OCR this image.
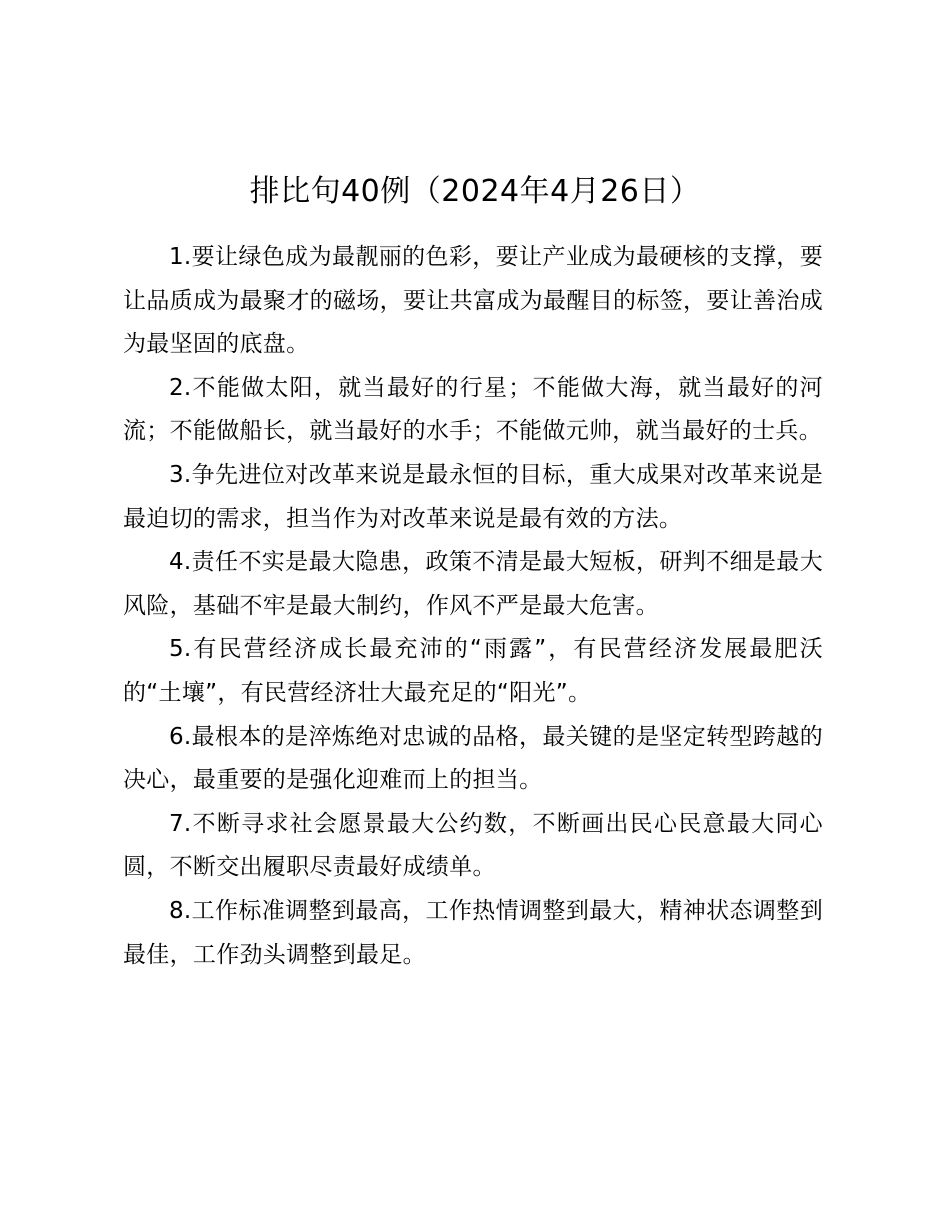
排比句40例（2024年4月26日）

1.要让绿色成为最靓丽的色彩，要让产业成为最硬核的支撑，要让品质成为最聚才的磁场，要让共富成为最醒目的标签，要让善治成为最坚固的底盘。

2.不能做太阳，就当最好的行星；不能做大海，就当最好的河流；不能做船长，就当最好的水手；不能做元帅，就当最好的士兵。

3.争先进位对改革来说是最永恒的目标，重大成果对改革来说是最迫切的需求，担当作为对改革来说是最有效的方法。

4.责任不实是最大隐患，政策不清是最大短板，研判不细是最大风险，基础不牢是最大制约，作风不严是最大危害。

5.有民营经济成长最充沛的“雨露”，有民营经济发展最肥沃的“土壤”，有民营经济壮大最充足的“阳光”。

6.最根本的是淬炼绝对忠诚的品格，最关键的是坚定转型跨越的决心，最重要的是强化迎难而上的担当。

7.不断寻求社会愿景最大公约数，不断画出民心民意最大同心圆，不断交出履职尽责最好成绩单。

8.工作标准调整到最高，工作热情调整到最大，精神状态调整到最佳，工作劲头调整到最足。
